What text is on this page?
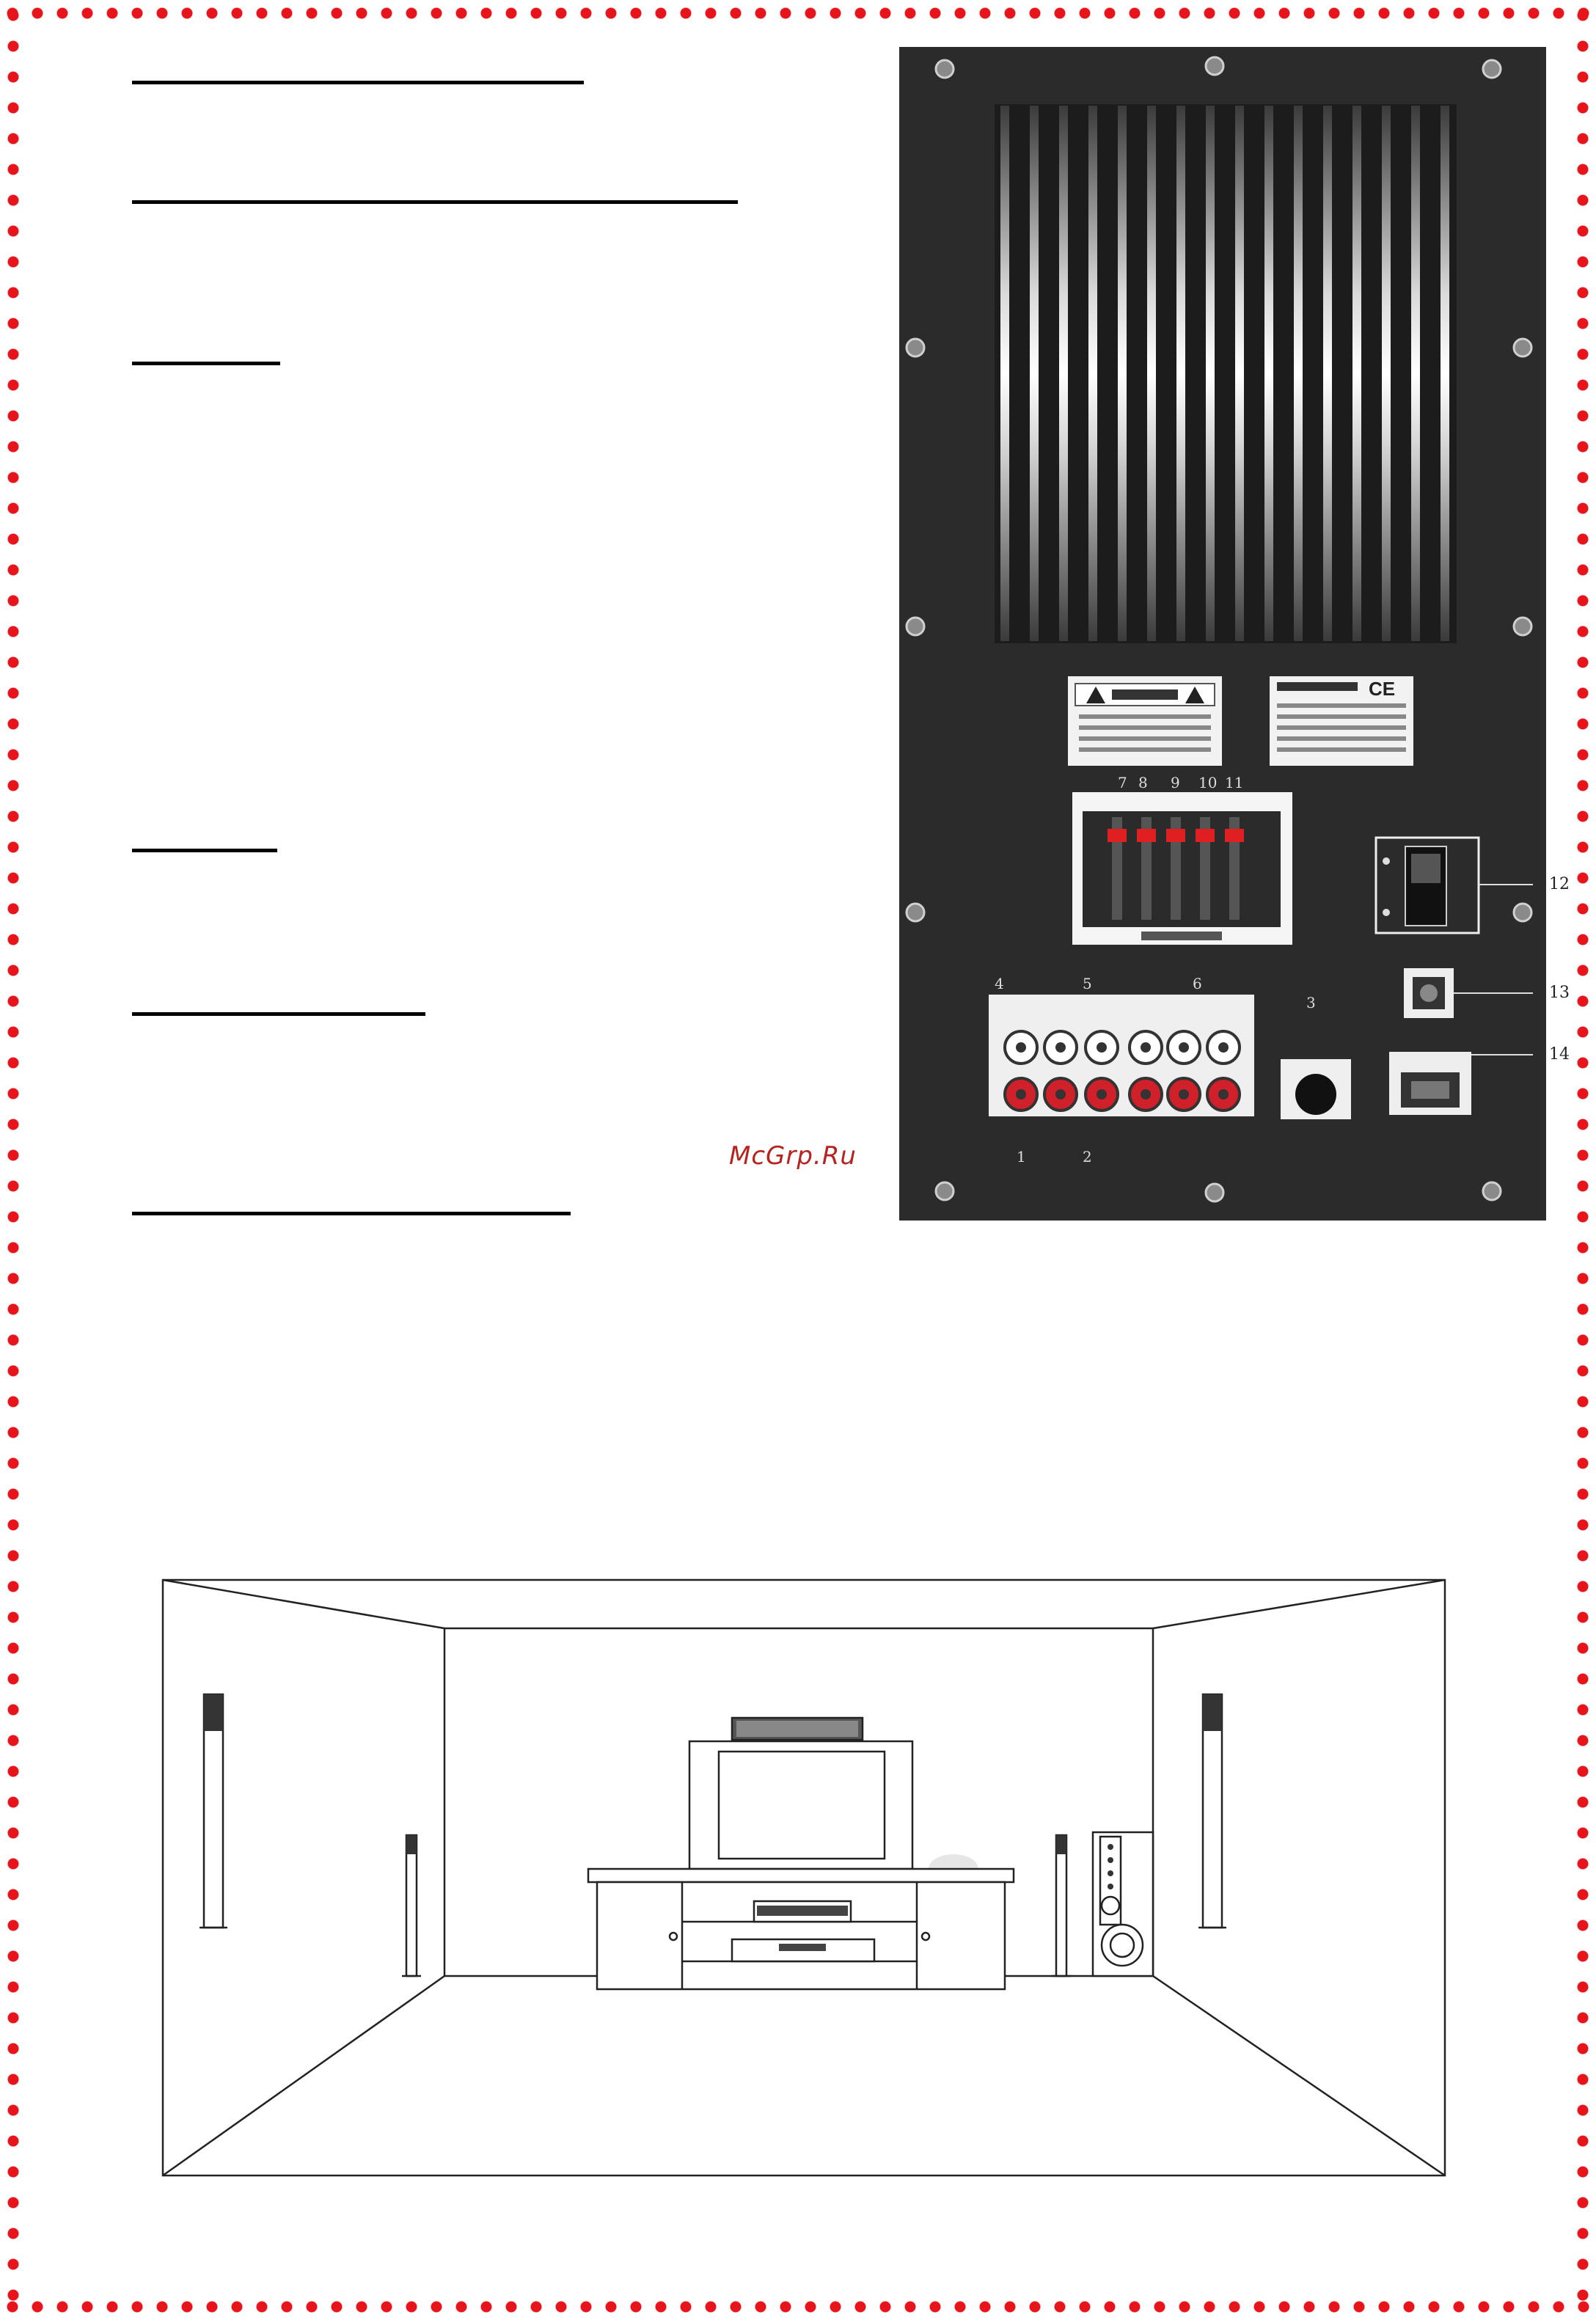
McGrp.Ru
CE
7 8 9 10 11
4	5	6
3
1	2
12
13
14
